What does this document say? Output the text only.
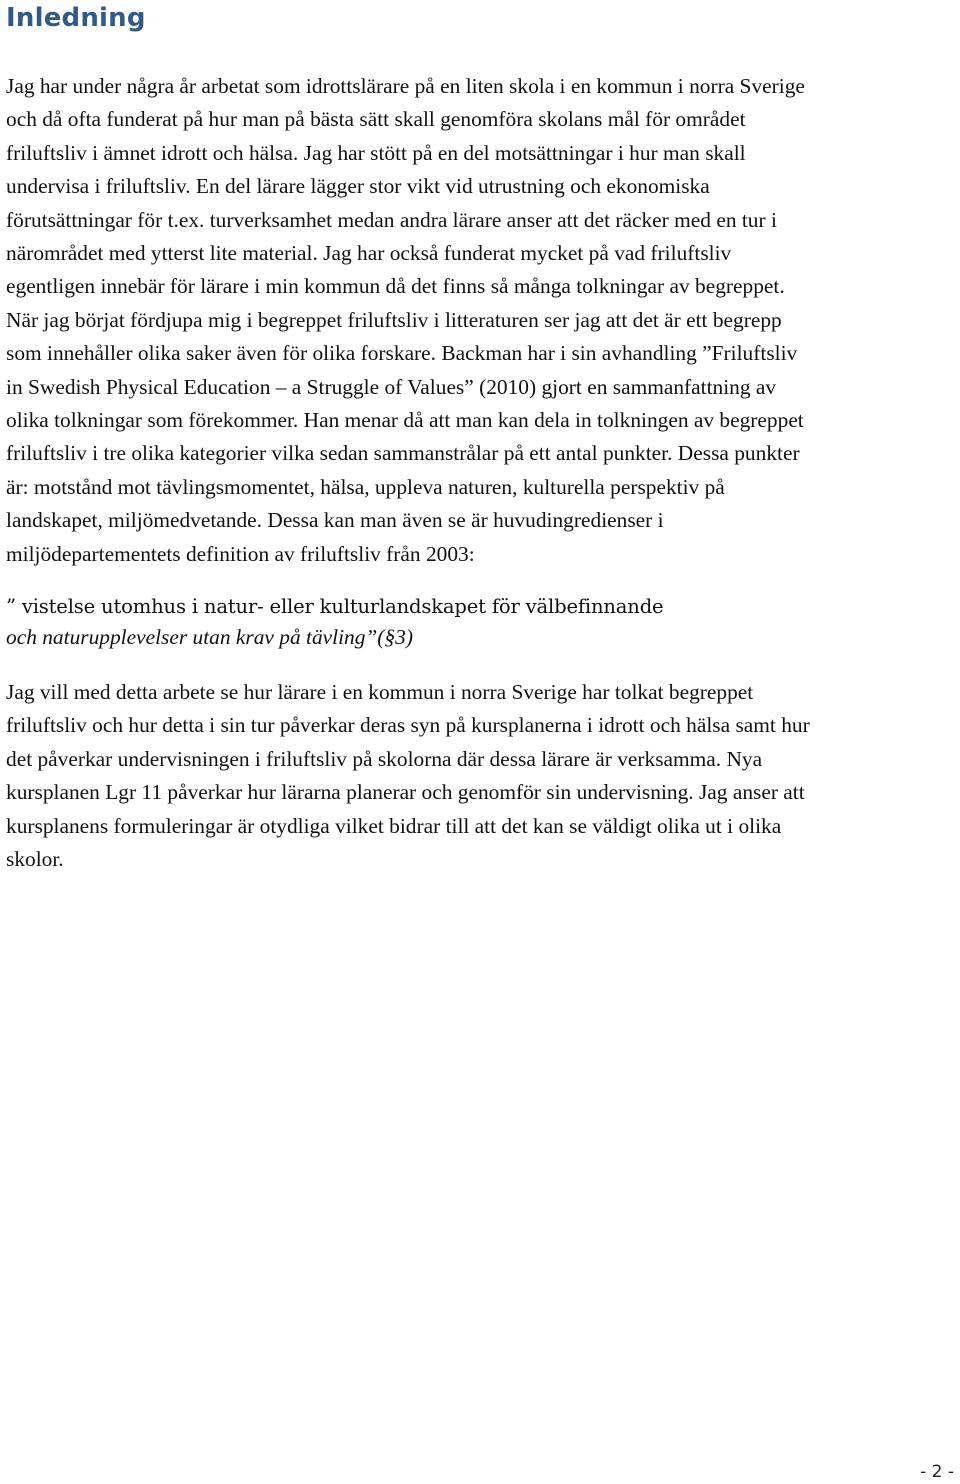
Inledning

Jag har under några år arbetat som idrottslärare på en liten skola i en kommun i norra Sverige
och då ofta funderat på hur man på bästa sätt skall genomföra skolans mål för området
friluftsliv i ämnet idrott och hälsa. Jag har stött på en del motsättningar i hur man skall
undervisa i friluftsliv. En del lärare lägger stor vikt vid utrustning och ekonomiska
förutsättningar för t.ex. turverksamhet medan andra lärare anser att det räcker med en tur i
närområdet med ytterst lite material. Jag har också funderat mycket på vad friluftsliv
egentligen innebär för lärare i min kommun då det finns så många tolkningar av begreppet.
När jag börjat fördjupa mig i begreppet friluftsliv i litteraturen ser jag att det är ett begrepp
som innehåller olika saker även för olika forskare. Backman har i sin avhandling ”Friluftsliv
in Swedish Physical Education – a Struggle of Values” (2010) gjort en sammanfattning av
olika tolkningar som förekommer. Han menar då att man kan dela in tolkningen av begreppet
friluftsliv i tre olika kategorier vilka sedan sammanstrålar på ett antal punkter. Dessa punkter
är: motstånd mot tävlingsmomentet, hälsa, uppleva naturen, kulturella perspektiv på
landskapet, miljömedvetande. Dessa kan man även se är huvudingredienser i
miljödepartementets definition av friluftsliv från 2003:

” vistelse utomhus i natur- eller kulturlandskapet för välbefinnande
och naturupplevelser utan krav på tävling”(§3)

Jag vill med detta arbete se hur lärare i en kommun i norra Sverige har tolkat begreppet
friluftsliv och hur detta i sin tur påverkar deras syn på kursplanerna i idrott och hälsa samt hur
det påverkar undervisningen i friluftsliv på skolorna där dessa lärare är verksamma. Nya
kursplanen Lgr 11 påverkar hur lärarna planerar och genomför sin undervisning. Jag anser att
kursplanens formuleringar är otydliga vilket bidrar till att det kan se väldigt olika ut i olika
skolor.

- 2 -
